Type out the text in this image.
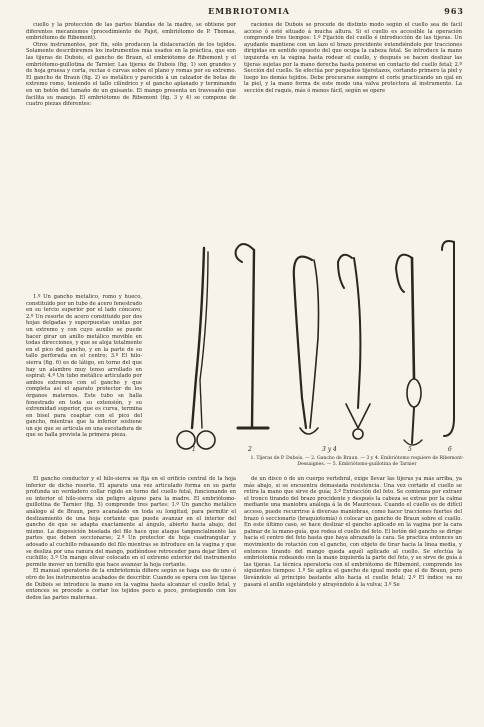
EMBRIOTOMIA	963

cuello y la protección de las partes blandas de la madre, se obtiene por diferentes mecanismos (procedimiento de Pajot, embriótomo de P. Thomas, embriótomo de Ribemont).

Otros instrumentos, por fin, sólo producen la dislaceración de los tejidos. Solamente describiremos los instrumentos más usados en la práctica, que son las tijeras de Dubois, el gancho de Braun, el embriótomo de Ribemont y el embriótomo-guillotina de Tarnier. Las tijeras de Dubois (fig. 1) son grandes y de hoja gruesa y corta, rectas ó curvas sobre el plano y romas por su extremo. El gancho de Braun (fig. 2) es metálico y parecido á un calzador de botas de extremo romo, teniendo el tallo cilíndrico y el gancho aplanado y terminando en un botón del tamaño de un guisante. El mango presenta un travesaño que facilita su manejo. El embriótomo de Ribemont (fig. 3 y 4) se compone de cuatro piezas diferentes:

raciones de Dubois se procede de distinto modo según el cuello sea de fácil acceso ó esté situado á mucha altura. Si el cuello es accesible la operación comprende tres tiempos: 1.º Fijación del cuello é introducción de las tijeras. Un ayudante mantiene con un lazo el brazo procidente extendiéndolo por tracciones dirigidas en sentido opuesto del que ocupa la cabeza fetal. Se introduce la mano izquierda en la vagina hasta rodear el cuello, y después se hacen deslizar las tijeras sujetas por la mano derecha hasta ponerse en contacto del cuello fetal; 2.º Sección del cuello. Se efectúa por pequeños tijeretazos, cortando primero la piel y luego los demás tejidos. Debe procurarse siempre el corte practicando un ojal en la piel, y la mano forma de este modo una valva protectora al instrumento. La sección del raquis, más ó menos fácil, según se opere

1.º Un gancho metálico, romo y hueco, constituido por un tubo de acero fenestrado en su tercio superior por el lado cóncavo; 2.º Un resorte de acero constituido por dos hojas delgadas y superpuestas unidas por un extremo y con cuyo auxilio se puede hacer girar un anillo metálico movible en todas direcciones, y que se aloja totalmente en el pico del gancho, y en la parte de su tallo perforada en el centro; 3.º El hilo-sierra (fig. 6) es de látigo, en torno del que hay un alambre muy tenso arrollado en espiral; 4.º Un tubo metálico articulado por ambos extremos con el gancho y que completa así el aparato protector de los órganos maternos. Este tubo se halla fenestrado en toda su extensión, y su extremidad superior, que es curva, termina en bisel para coaptar con el pico del gancho, mientras que la inferior sostiene un eje que se articula en una escotadura de que se halla provista la primera pieza.

1	2	3 y 4	5	6
1. Tijeras de P. Dubois. — 2. Gancho de Braun. — 3 y 4. Embriótomo requiere de Ribemont-Dessaignes. — 5. Embriótomo-guillotina de Tarnier

El gancho conductor y el hilo-sierra se fija en el orificio central de la hoja inferior de dicho resorte. El aparato una vez articulado forma en su parte profunda un verdadero collar rígido en torno del cuello fetal, funcionando en su interior el hilo-sierra sin peligro alguno para la madre. El embriótomo-guillotina de Tarnier (fig. 5) comprende tres partes: 1.º Un gancho metálico análogo al de Braun, pero acanalado en toda su longitud, para permitir el deslizamiento de una hoja cortante que puede avanzar en el interior del gancho de que se adapta exactamente al ángulo, abierto hacia abajo, del mismo. La disposición biselada del filo hace que ataque tangencialmente las partes que deben seccionarse; 2.º Un protector de hoja cuadrangular y adosado al cuchillo rebasando del filo mientras se introduce en la vagina y que se desliza por una ranura del mango, pudiéndose retroceder para dejar libre el cuchillo; 3.º Un mango olivar colocado en el extremo exterior del instrumento permite mover un tornillo que hace avanzar la hoja cortante.

El manual operatorio de la embriotomía difiere según se haga uso de uno ó otro de los instrumentos acabados de describir. Cuando se opera con las tijeras de Dubois se introduce la mano en la vagina hasta alcanzar el cuello fetal, y entonces se procede a cortar los tejidos poco a poco, protegiendo con los dedos las partes maternas.

de un disco ó de un cuerpo vertebral, exige llevar las tijeras ya más arriba, ya más abajo, si se encuentra demasiada resistencia. Una vez cortado el cuello se retira la mano que sirve de guía; 3.º Extracción del feto. Se comienza por extraer el tronco tirando del brazo procidente y después la cabeza se extrae por la calma mediante una maniobra análoga á la de Mauriceau. Cuando el cuello es de difícil acceso, puede recurrirse á diversas maniobras, como hacer tracciones fuertes del brazo ó seccionario (braquiotomía) ó colocar un gancho de Braun sobre el cuello. En este último caso, se hace deslizar el gancho aplicado en la vagina por la cara palmar de la mano-guía, que rodea el cuello del feto. El botón del gancho se dirige hacia el centro del feto hasta que haya abrazado la cara. Se practica entonces un movimiento de rotación con el gancho, con objeto de tirar hacia la línea media, y entonces tirando del mango queda aquél aplicado al cuello. Se efectúa la embriotomía rodeando con la mano izquierda la parte del feto, y se sirve de guía á las tijeras. La técnica operatoria con el embriótomo de Ribemont, comprende los siguientes tiempos: 1.º Se aplica el gancho de igual modo que el de Braun, pero llevándolo al principio bastante alto hacia el cuello fetal; 2.º El índice va no pasará el anillo sujetándolo y atrayéndolo á la vulva; 3.º Se
